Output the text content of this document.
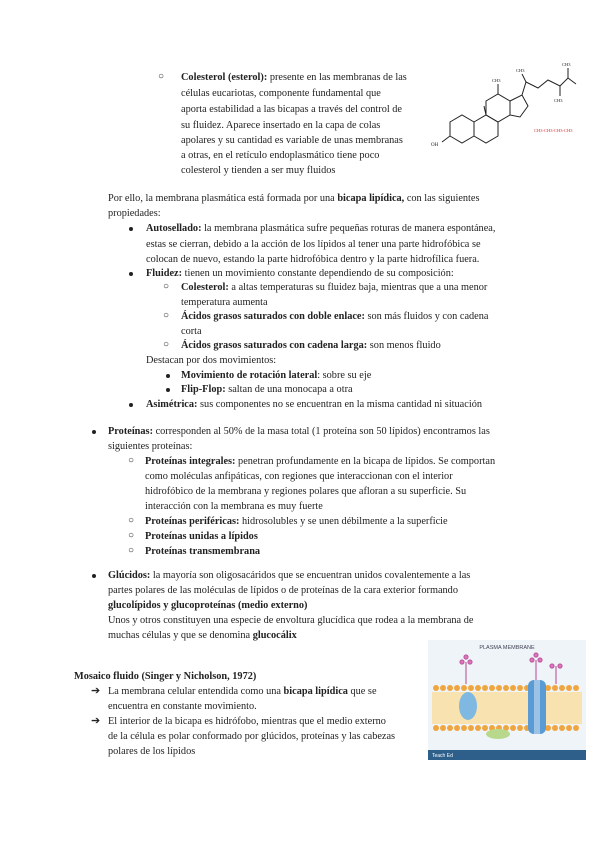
○ Colesterol (esterol): presente en las membranas de las
células eucariotas, componente fundamental que
aporta estabilidad a las bicapas a través del control de
su fluidez. Aparece insertado en la capa de colas
apolares y su cantidad es variable de unas membranas
a otras, en el retículo endoplasmático tiene poco
colesterol y tienden a ser muy fluidos
OH
CH3
CH3
CH3
CH3
CH3-CH3-CH3-CH3
Por ello, la membrana plasmática está formada por una bicapa lipídica, con las siguientes
propiedades:
Autosellado: la membrana plasmática sufre pequeñas roturas de manera espontánea,
estas se cierran, debido a la acción de los lípidos al tener una parte hidrofóbica se
colocan de nuevo, estando la parte hidrofóbica dentro y la parte hidrofílica fuera.
Fluidez: tienen un movimiento constante dependiendo de su composición:
○ Colesterol: a altas temperaturas su fluidez baja, mientras que a una menor
temperatura aumenta
○ Ácidos grasos saturados con doble enlace: son más fluidos y con cadena
corta
○ Ácidos grasos saturados con cadena larga: son menos fluido
Destacan por dos movimientos:
Movimiento de rotación lateral: sobre su eje
Flip-Flop: saltan de una monocapa a otra
Asimétrica: sus componentes no se encuentran en la misma cantidad ni situación
Proteínas: corresponden al 50% de la masa total (1 proteína son 50 lípidos) encontramos las
siguientes proteínas:
○ Proteínas integrales: penetran profundamente en la bicapa de lípidos. Se comportan
como moléculas anfipáticas, con regiones que interaccionan con el interior
hidrofóbico de la membrana y regiones polares que afloran a su superficie. Su
interacción con la membrana es muy fuerte
○ Proteínas periféricas: hidrosolubles y se unen débilmente a la superficie
○ Proteínas unidas a lípidos
○ Proteínas transmembrana
Glúcidos: la mayoría son oligosacáridos que se encuentran unidos covalentemente a las
partes polares de las moléculas de lípidos o de proteínas de la cara exterior formando
glucolípidos y glucoproteínas (medio externo)
Unos y otros constituyen una especie de envoltura glucídica que rodea a la membrana de
muchas células y que se denomina glucocálix
Mosaico fluido (Singer y Nicholson, 1972)
➔ La membrana celular entendida como una bicapa lipídica que se
encuentra en constante movimiento.
➔ El interior de la bicapa es hidrófobo, mientras que el medio externo
de la célula es polar conformado por glúcidos, proteínas y las cabezas
polares de los lípidos
PLASMA MEMBRANE
Teach Ed
